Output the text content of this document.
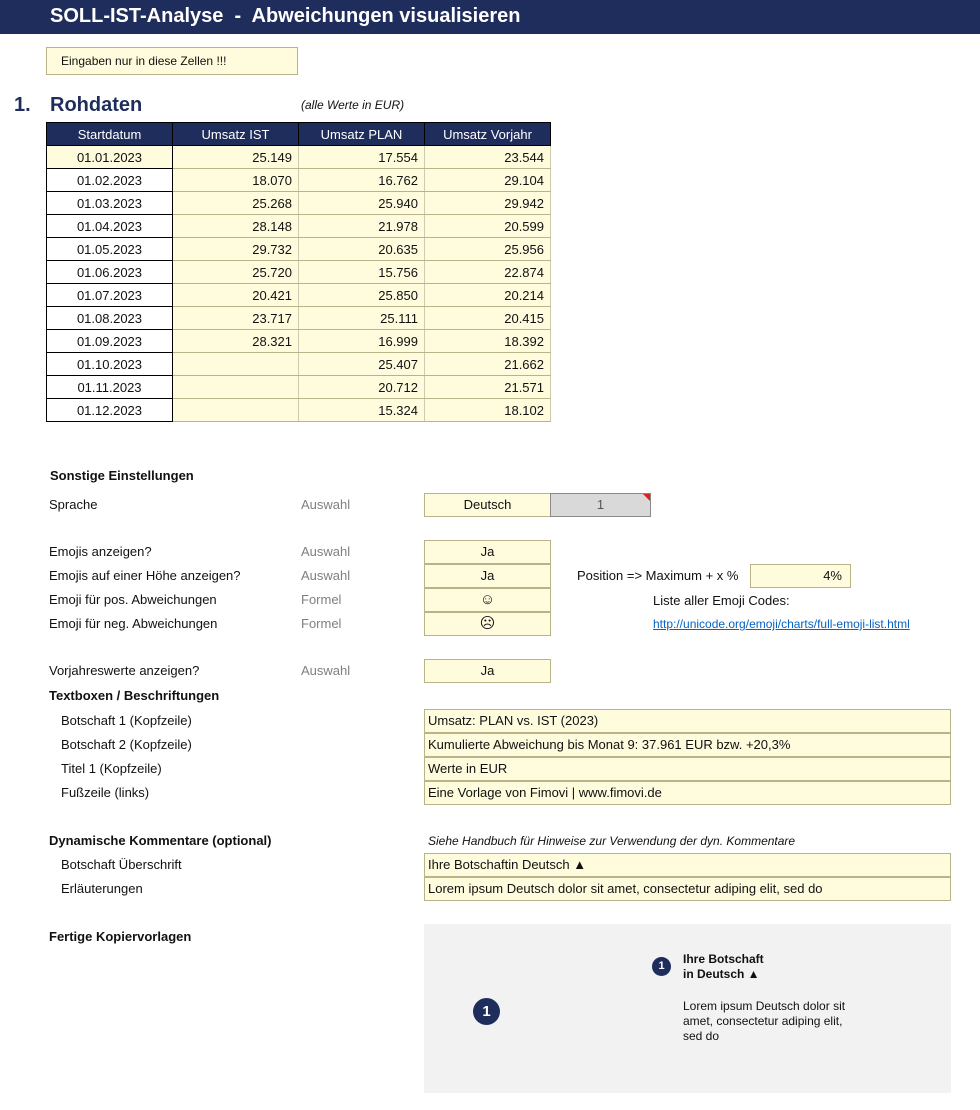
SOLL-IST-Analyse  -  Abweichungen visualisieren
Eingaben nur in diese Zellen !!!
1. Rohdaten	(alle Werte in EUR)
Startdatum	Umsatz IST	Umsatz PLAN	Umsatz Vorjahr
01.01.2023	25.149	17.554	23.544
01.02.2023	18.070	16.762	29.104
01.03.2023	25.268	25.940	29.942
01.04.2023	28.148	21.978	20.599
01.05.2023	29.732	20.635	25.956
01.06.2023	25.720	15.756	22.874
01.07.2023	20.421	25.850	20.214
01.08.2023	23.717	25.111	20.415
01.09.2023	28.321	16.999	18.392
01.10.2023		25.407	21.662
01.11.2023		20.712	21.571
01.12.2023		15.324	18.102
Sonstige Einstellungen
Sprache	Auswahl	Deutsch	1
Emojis anzeigen?	Auswahl	Ja
Emojis auf einer Höhe anzeigen?	Auswahl	Ja	Position => Maximum + x %	4%
Emoji für pos. Abweichungen	Formel	☺	Liste aller Emoji Codes:
Emoji für neg. Abweichungen	Formel	☹	http://unicode.org/emoji/charts/full-emoji-list.html
Vorjahreswerte anzeigen?	Auswahl	Ja
Textboxen / Beschriftungen
Botschaft 1 (Kopfzeile)	Umsatz: PLAN vs. IST (2023)
Botschaft 2 (Kopfzeile)	Kumulierte Abweichung bis Monat 9: 37.961 EUR bzw. +20,3%
Titel 1 (Kopfzeile)	Werte in EUR
Fußzeile (links)	Eine Vorlage von Fimovi | www.fimovi.de
Dynamische Kommentare (optional)	Siehe Handbuch für Hinweise zur Verwendung der dyn. Kommentare
Botschaft Überschrift	Ihre Botschaftin Deutsch ▲
Erläuterungen	Lorem ipsum Deutsch dolor sit amet, consectetur adiping elit, sed do
Fertige Kopiervorlagen
1
1	Ihre Botschaft
in Deutsch ▲
Lorem ipsum Deutsch dolor sit
amet, consectetur adiping elit,
sed do
